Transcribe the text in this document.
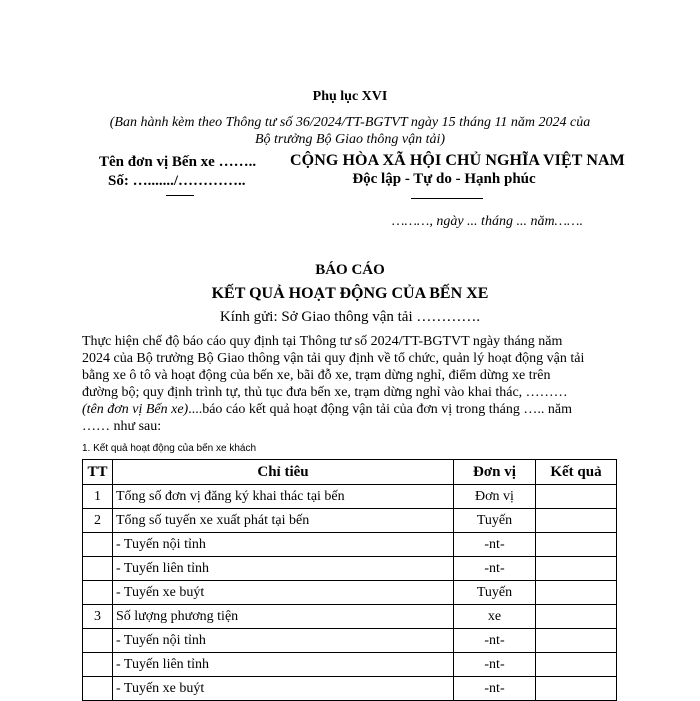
Phụ lục XVI
(Ban hành kèm theo Thông tư số 36/2024/TT-BGTVT ngày 15 tháng 11 năm 2024 của
Bộ trưởng Bộ Giao thông vận tải)
Tên đơn vị Bến xe ……..
Số: …......./…………..
CỘNG HÒA XÃ HỘI CHỦ NGHĨA VIỆT NAM
Độc lập - Tự do - Hạnh phúc
………, ngày ... tháng ... năm…….
BÁO CÁO
KẾT QUẢ HOẠT ĐỘNG CỦA BẾN XE
Kính gửi: Sở Giao thông vận tải ………….
Thực hiện chế độ báo cáo quy định tại Thông tư số 2024/TT-BGTVT ngày tháng năm
2024 của Bộ trưởng Bộ Giao thông vận tải quy định về tổ chức, quản lý hoạt động vận tải
bằng xe ô tô và hoạt động của bến xe, bãi đỗ xe, trạm dừng nghỉ, điểm dừng xe trên
đường bộ; quy định trình tự, thủ tục đưa bến xe, trạm dừng nghỉ vào khai thác, ………
(tên đơn vị Bến xe)....báo cáo kết quả hoạt động vận tải của đơn vị trong tháng ….. năm
…… như sau:
1. Kết quả hoạt động của bến xe khách
TT	Chỉ tiêu	Đơn vị	Kết quả
1	Tổng số đơn vị đăng ký khai thác tại bến	Đơn vị	
2	Tổng số tuyến xe xuất phát tại bến	Tuyến	
	- Tuyến nội tỉnh	-nt-	
	- Tuyến liên tỉnh	-nt-	
	- Tuyến xe buýt	Tuyến	
3	Số lượng phương tiện	xe	
	- Tuyến nội tỉnh	-nt-	
	- Tuyến liên tỉnh	-nt-	
	- Tuyến xe buýt	-nt-	
